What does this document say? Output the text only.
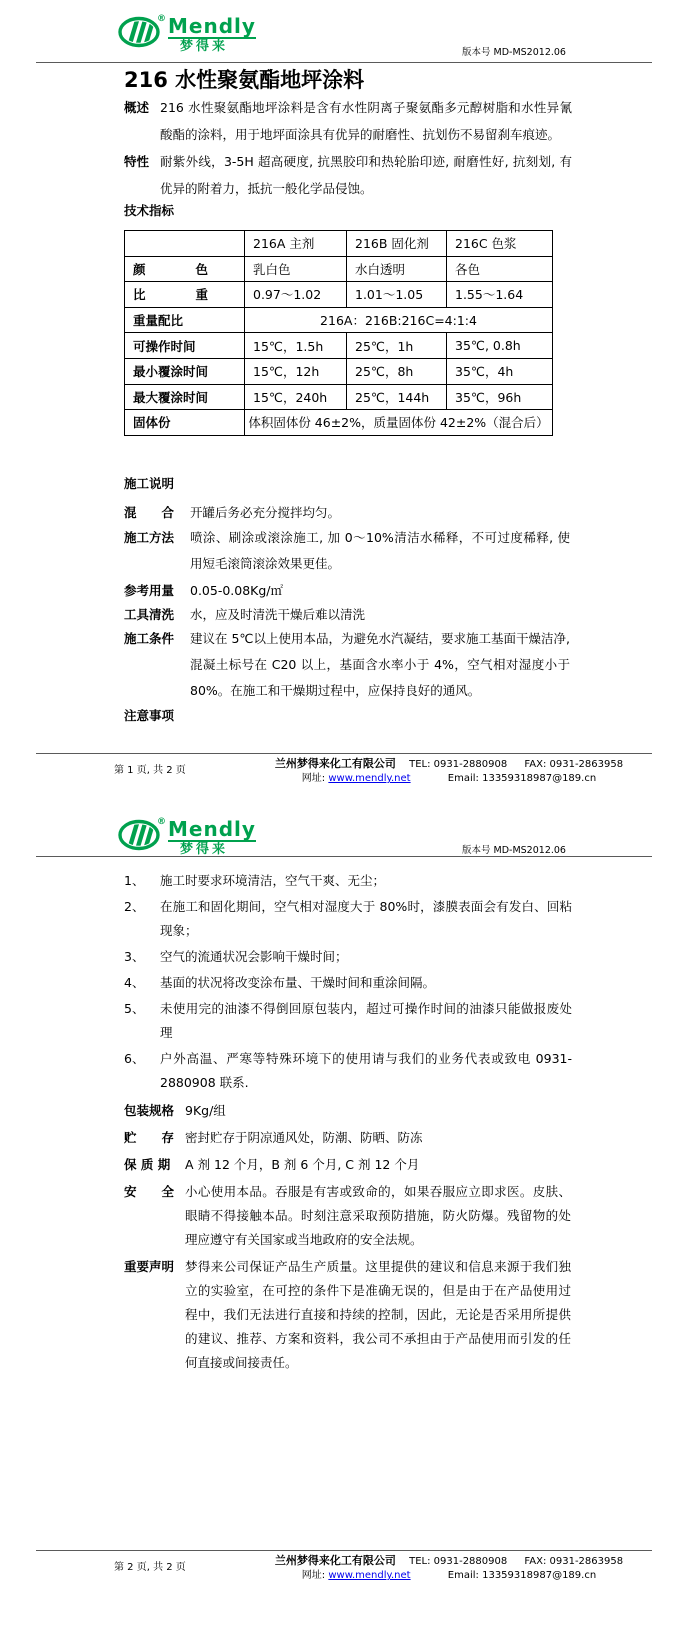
® Mendly
梦得来	版本号 MD-MS2012.06
216 水性聚氨酯地坪涂料
概述 216 水性聚氨酯地坪涂料是含有水性阴离子聚氨酯多元醇树脂和水性异氰酸酯的涂料，用于地坪面涂具有优异的耐磨性、抗划伤不易留刹车痕迹。
特性 耐紫外线，3-5H 超高硬度, 抗黑胶印和热轮胎印迹, 耐磨性好, 抗刻划, 有优异的附着力，抵抗一般化学品侵蚀。
技术指标
	216A 主剂	216B 固化剂	216C 色浆
颜　　　　色	乳白色	水白透明	各色
比　　　　重	0.97～1.02	1.01～1.05	1.55～1.64
重量配比	216A：216B:216C=4:1:4		
可操作时间	15℃，1.5h	25℃，1h	35℃, 0.8h
最小覆涂时间	15℃，12h	25℃，8h	35℃，4h
最大覆涂时间	15℃，240h	25℃，144h	35℃，96h
固体份	体积固体份 46±2%，质量固体份 42±2%（混合后）		
施工说明
混　　合	开罐后务必充分搅拌均匀。
施工方法	喷涂、刷涂或滚涂施工, 加 0～10%清洁水稀释，不可过度稀释, 使用短毛滚筒滚涂效果更佳。
参考用量	0.05-0.08Kg/㎡
工具清洗	水，应及时清洗干燥后难以清洗
施工条件	建议在 5℃以上使用本品，为避免水汽凝结，要求施工基面干燥洁净, 混凝土标号在 C20 以上，基面含水率小于 4%，空气相对湿度小于 80%。在施工和干燥期过程中，应保持良好的通风。
注意事项
第 1 页, 共 2 页
兰州梦得来化工有限公司 TEL: 0931-2880908 FAX: 0931-2863958
网址: www.mendly.net	Email: 13359318987@189.cn
® Mendly
梦得来	版本号 MD-MS2012.06
1、	施工时要求环境清洁，空气干爽、无尘；
2、	在施工和固化期间，空气相对湿度大于 80%时，漆膜表面会有发白、回粘现象；
3、	空气的流通状况会影响干燥时间；
4、	基面的状况将改变涂布量、干燥时间和重涂间隔。
5、	未使用完的油漆不得倒回原包装内，超过可操作时间的油漆只能做报废处理
6、	户外高温、严寒等特殊环境下的使用请与我们的业务代表或致电 0931-2880908 联系.
包装规格 9Kg/组
贮　　存 密封贮存于阴凉通风处，防潮、防晒、防冻
保 质 期	A 剂 12 个月，B 剂 6 个月, C 剂 12 个月
安　　全 小心使用本品。吞服是有害或致命的，如果吞服应立即求医。皮肤、眼睛不得接触本品。时刻注意采取预防措施，防火防爆。残留物的处理应遵守有关国家或当地政府的安全法规。
重要声明 梦得来公司保证产品生产质量。这里提供的建议和信息来源于我们独立的实验室，在可控的条件下是准确无误的，但是由于在产品使用过程中，我们无法进行直接和持续的控制，因此，无论是否采用所提供的建议、推荐、方案和资料，我公司不承担由于产品使用而引发的任何直接或间接责任。
第 2 页, 共 2 页
兰州梦得来化工有限公司 TEL: 0931-2880908 FAX: 0931-2863958
网址: www.mendly.net	Email: 13359318987@189.cn
